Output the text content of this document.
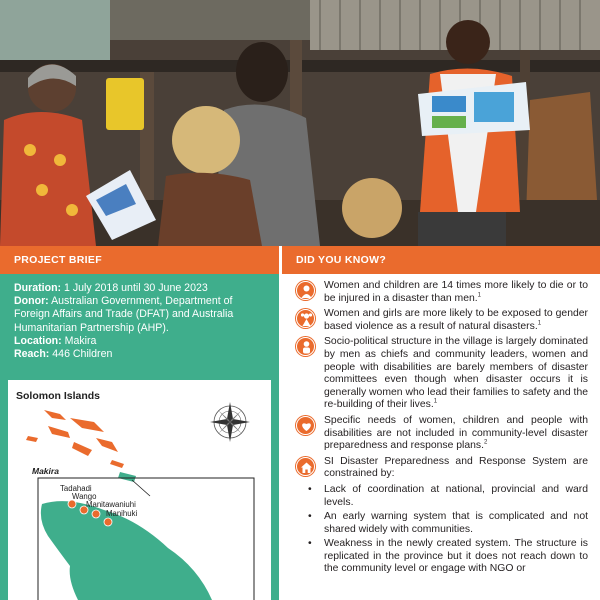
PROJECT BRIEF

Duration: 1 July 2018 until 30 June 2023

Donor: Australian Government, Department of Foreign Affairs and Trade (DFAT) and Australia Humanitarian Partnership (AHP).

Location: Makira

Reach: 446 Children

Solomon Islands
Makira
Tadahadi
Wango
Manitawaniuhi
Manihuki
DID YOU KNOW?
Women and children are 14 times more likely to die or to be injured in a disaster than men.$^1$
Women and girls are more likely to be exposed to gender based violence as a result of natural disasters.$^1$
Socio-political structure in the village is largely dominated by men as chiefs and community leaders, women and people with disabilities are barely members of disaster committees even though when disaster occurs it is generally women who lead their families to safety and the re-building of their lives.$^1$
Specific needs of women, children and people with disabilities are not included in community-level disaster preparedness and response plans.$^2$
SI Disaster Preparedness and Response System are constrained by:
• Lack of coordination at national, provincial and ward levels.
• An early warning system that is complicated and not shared widely with communities.
• Weakness in the newly created system. The structure is replicated in the province but it does not reach down to the community level or engage with NGO or
